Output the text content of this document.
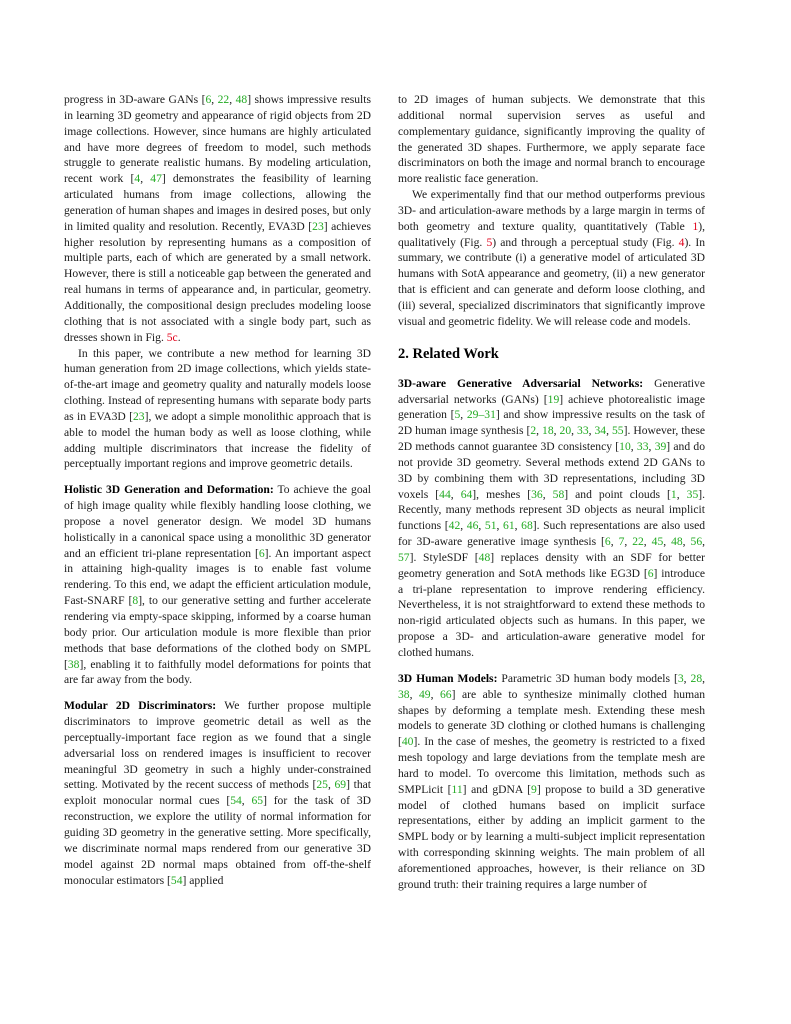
progress in 3D-aware GANs [6, 22, 48] shows impressive results in learning 3D geometry and appearance of rigid objects from 2D image collections. However, since humans are highly articulated and have more degrees of freedom to model, such methods struggle to generate realistic humans. By modeling articulation, recent work [4, 47] demonstrates the feasibility of learning articulated humans from image collections, allowing the generation of human shapes and images in desired poses, but only in limited quality and resolution. Recently, EVA3D [23] achieves higher resolution by representing humans as a composition of multiple parts, each of which are generated by a small network. However, there is still a noticeable gap between the generated and real humans in terms of appearance and, in particular, geometry. Additionally, the compositional design precludes modeling loose clothing that is not associated with a single body part, such as dresses shown in Fig. 5c.

In this paper, we contribute a new method for learning 3D human generation from 2D image collections, which yields state-of-the-art image and geometry quality and naturally models loose clothing. Instead of representing humans with separate body parts as in EVA3D [23], we adopt a simple monolithic approach that is able to model the human body as well as loose clothing, while adding multiple discriminators that increase the fidelity of perceptually important regions and improve geometric details.

Holistic 3D Generation and Deformation: To achieve the goal of high image quality while flexibly handling loose clothing, we propose a novel generator design. We model 3D humans holistically in a canonical space using a monolithic 3D generator and an efficient tri-plane representation [6]. An important aspect in attaining high-quality images is to enable fast volume rendering. To this end, we adapt the efficient articulation module, Fast-SNARF [8], to our generative setting and further accelerate rendering via empty-space skipping, informed by a coarse human body prior. Our articulation module is more flexible than prior methods that base deformations of the clothed body on SMPL [38], enabling it to faithfully model deformations for points that are far away from the body.

Modular 2D Discriminators: We further propose multiple discriminators to improve geometric detail as well as the perceptually-important face region as we found that a single adversarial loss on rendered images is insufficient to recover meaningful 3D geometry in such a highly under-constrained setting. Motivated by the recent success of methods [25, 69] that exploit monocular normal cues [54, 65] for the task of 3D reconstruction, we explore the utility of normal information for guiding 3D geometry in the generative setting. More specifically, we discriminate normal maps rendered from our generative 3D model against 2D normal maps obtained from off-the-shelf monocular estimators [54] applied

to 2D images of human subjects. We demonstrate that this additional normal supervision serves as useful and complementary guidance, significantly improving the quality of the generated 3D shapes. Furthermore, we apply separate face discriminators on both the image and normal branch to encourage more realistic face generation.

We experimentally find that our method outperforms previous 3D- and articulation-aware methods by a large margin in terms of both geometry and texture quality, quantitatively (Table 1), qualitatively (Fig. 5) and through a perceptual study (Fig. 4). In summary, we contribute (i) a generative model of articulated 3D humans with SotA appearance and geometry, (ii) a new generator that is efficient and can generate and deform loose clothing, and (iii) several, specialized discriminators that significantly improve visual and geometric fidelity. We will release code and models.

2. Related Work

3D-aware Generative Adversarial Networks: Generative adversarial networks (GANs) [19] achieve photorealistic image generation [5, 29–31] and show impressive results on the task of 2D human image synthesis [2, 18, 20, 33, 34, 55]. However, these 2D methods cannot guarantee 3D consistency [10, 33, 39] and do not provide 3D geometry. Several methods extend 2D GANs to 3D by combining them with 3D representations, including 3D voxels [44, 64], meshes [36, 58] and point clouds [1, 35]. Recently, many methods represent 3D objects as neural implicit functions [42, 46, 51, 61, 68]. Such representations are also used for 3D-aware generative image synthesis [6, 7, 22, 45, 48, 56, 57]. StyleSDF [48] replaces density with an SDF for better geometry generation and SotA methods like EG3D [6] introduce a tri-plane representation to improve rendering efficiency. Nevertheless, it is not straightforward to extend these methods to non-rigid articulated objects such as humans. In this paper, we propose a 3D- and articulation-aware generative model for clothed humans.

3D Human Models: Parametric 3D human body models [3, 28, 38, 49, 66] are able to synthesize minimally clothed human shapes by deforming a template mesh. Extending these mesh models to generate 3D clothing or clothed humans is challenging [40]. In the case of meshes, the geometry is restricted to a fixed mesh topology and large deviations from the template mesh are hard to model. To overcome this limitation, methods such as SMPLicit [11] and gDNA [9] propose to build a 3D generative model of clothed humans based on implicit surface representations, either by adding an implicit garment to the SMPL body or by learning a multi-subject implicit representation with corresponding skinning weights. The main problem of all aforementioned approaches, however, is their reliance on 3D ground truth: their training requires a large number of
